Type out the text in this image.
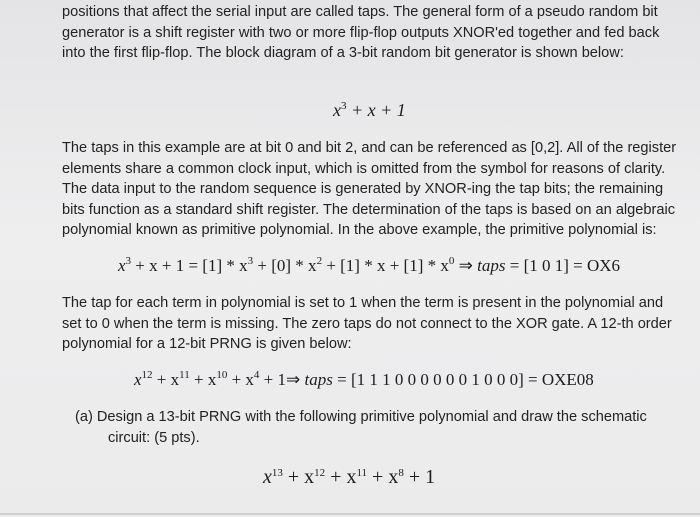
positions that affect the serial input are called taps. The general form of a pseudo random bit
generator is a shift register with two or more flip-flop outputs XNOR'ed together and fed back
into the first flip-flop. The block diagram of a 3-bit random bit generator is shown below:
$x^3 + x + 1$
The taps in this example are at bit 0 and bit 2, and can be referenced as [0,2]. All of the register
elements share a common clock input, which is omitted from the symbol for reasons of clarity.
The data input to the random sequence is generated by XNOR-ing the tap bits; the remaining
bits function as a standard shift register. The determination of the taps is based on an algebraic
polynomial known as primitive polynomial. In the above example, the primitive polynomial is:
$x^3 + x + 1 = [1] * x^3 + [0] * x^2 + [1] * x + [1] * x^0$ ⇒ taps = [1 0 1] = OX6
The tap for each term in polynomial is set to 1 when the term is present in the polynomial and
set to 0 when the term is missing. The zero taps do not connect to the XOR gate. A 12-th order
polynomial for a 12-bit PRNG is given below:
$x^{12} + x^{11} + x^{10} + x^4$ + 1⇒ taps = [1 1 1 0 0 0 0 0 0 1 0 0 0] = OXE08
(a) Design a 13-bit PRNG with the following primitive polynomial and draw the schematic
circuit: (5 pts).
$x^{13} + x^{12} + x^{11} + x^8 + 1$
